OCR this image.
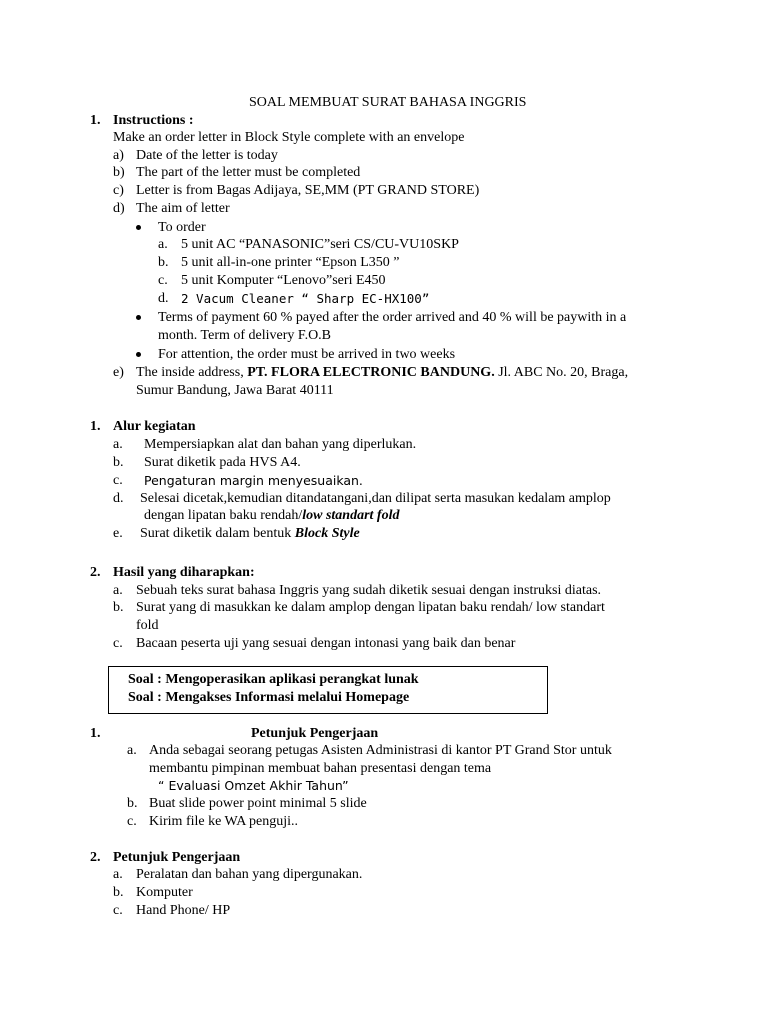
SOAL MEMBUAT SURAT BAHASA INGGRIS
1. Instructions :
Make an order letter in Block Style complete with an envelope
a) Date of the letter is today
b) The part of the letter must be completed
c) Letter is from Bagas Adijaya, SE,MM (PT GRAND STORE)
d) The aim of letter
To order
a. 5 unit AC “PANASONIC”seri CS/CU-VU10SKP
b. 5 unit all-in-one printer “Epson L350 ”
c. 5 unit Komputer “Lenovo”seri E450
d. 2 Vacum Cleaner “ Sharp EC-HX100”
Terms of payment 60 % payed after the order arrived and 40 % will be paywith in a
month. Term of delivery F.O.B
For attention, the order must be arrived in two weeks
e) The inside address, PT. FLORA ELECTRONIC BANDUNG. Jl. ABC No. 20, Braga,
Sumur Bandung, Jawa Barat 40111
1. Alur kegiatan
a. Mempersiapkan alat dan bahan yang diperlukan.
b. Surat diketik pada HVS A4.
c. Pengaturan margin menyesuaikan.
d. Selesai dicetak,kemudian ditandatangani,dan dilipat serta masukan kedalam amplop
dengan lipatan baku rendah/low standart fold
e. Surat diketik dalam bentuk Block Style
2. Hasil yang diharapkan:
a. Sebuah teks surat bahasa Inggris yang sudah diketik sesuai dengan instruksi diatas.
b. Surat yang di masukkan ke dalam amplop dengan lipatan baku rendah/ low standart
fold
c. Bacaan peserta uji yang sesuai dengan intonasi yang baik dan benar
Soal : Mengoperasikan aplikasi perangkat lunak
Soal : Mengakses Informasi melalui Homepage
1.	Petunjuk Pengerjaan
a. Anda sebagai seorang petugas Asisten Administrasi di kantor PT Grand Stor untuk
membantu pimpinan membuat bahan presentasi dengan tema
“ Evaluasi Omzet Akhir Tahun”
b. Buat slide power point minimal 5 slide
c. Kirim file ke WA penguji..
2. Petunjuk Pengerjaan
a. Peralatan dan bahan yang dipergunakan.
b. Komputer
c. Hand Phone/ HP
